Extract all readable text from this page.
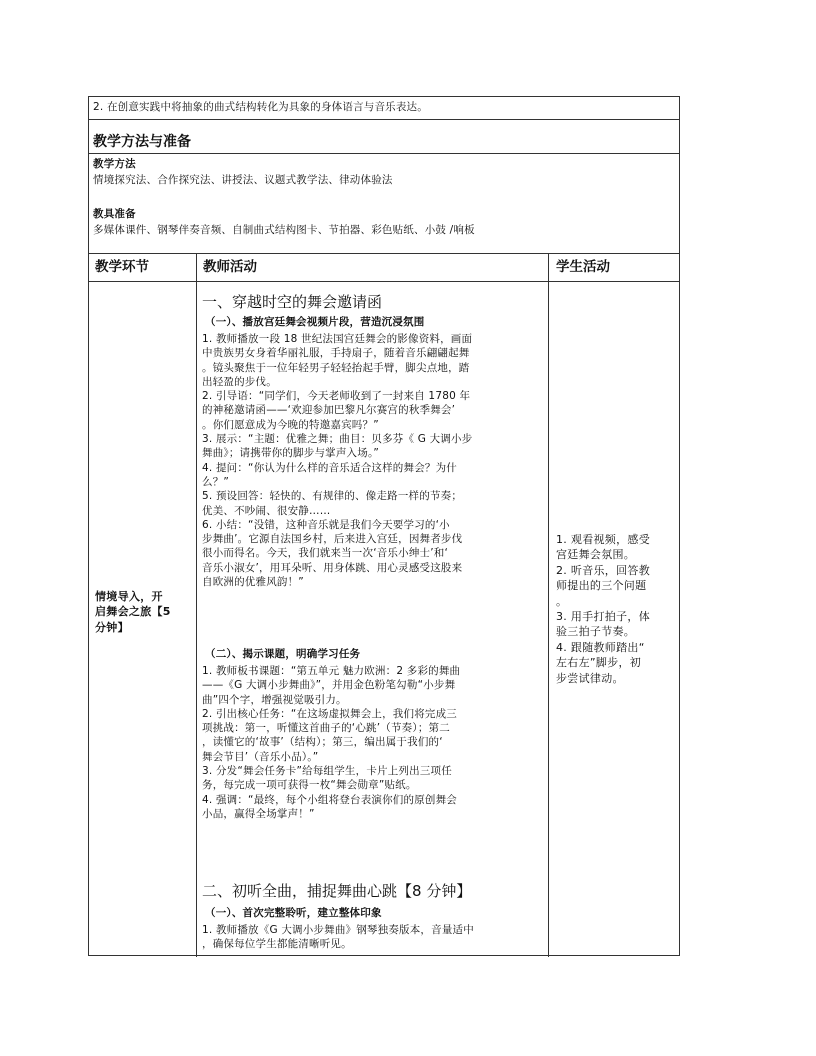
2. 在创意实践中将抽象的曲式结构转化为具象的身体语言与音乐表达。
教学方法与准备
教学方法
情境探究法、合作探究法、讲授法、议题式教学法、律动体验法
教具准备
多媒体课件、钢琴伴奏音频、自制曲式结构图卡、节拍器、彩色贴纸、小鼓 /响板
教学环节	教师活动	学生活动
情境导入，开
启舞会之旅【5
分钟】
一、穿越时空的舞会邀请函
（一）、播放宫廷舞会视频片段，营造沉浸氛围
1. 教师播放一段 18 世纪法国宫廷舞会的影像资料，画面
中贵族男女身着华丽礼服，手持扇子，随着音乐翩翩起舞
。镜头聚焦于一位年轻男子轻轻抬起手臂，脚尖点地，踏
出轻盈的步伐。
2. 引导语：“同学们，今天老师收到了一封来自 1780 年
的神秘邀请函——‘欢迎参加巴黎凡尔赛宫的秋季舞会’
。你们愿意成为今晚的特邀嘉宾吗？”
3. 展示：“主题：优雅之舞；曲目：贝多芬《 G 大调小步
舞曲》；请携带你的脚步与掌声入场。”
4. 提问：“你认为什么样的音乐适合这样的舞会？为什
么？”
5. 预设回答：轻快的、有规律的、像走路一样的节奏；
优美、不吵闹、很安静……
6. 小结：“没错，这种音乐就是我们今天要学习的‘小
步舞曲’。它源自法国乡村，后来进入宫廷，因舞者步伐
很小而得名。今天，我们就来当一次‘音乐小绅士’和‘
音乐小淑女’，用耳朵听、用身体跳、用心灵感受这股来
自欧洲的优雅风韵！”
（二）、揭示课题，明确学习任务
1. 教师板书课题：“第五单元 魅力欧洲：2 多彩的舞曲
——《G 大调小步舞曲》”，并用金色粉笔勾勒“小步舞
曲”四个字，增强视觉吸引力。
2. 引出核心任务：“在这场虚拟舞会上，我们将完成三
项挑战：第一，听懂这首曲子的‘心跳’（节奏）；第二
，读懂它的‘故事’（结构）；第三，编出属于我们的‘
舞会节目’（音乐小品）。”
3. 分发“舞会任务卡”给每组学生，卡片上列出三项任
务，每完成一项可获得一枚“舞会勋章”贴纸。
4. 强调：“最终，每个小组将登台表演你们的原创舞会
小品，赢得全场掌声！”
二、初听全曲，捕捉舞曲心跳【8 分钟】
（一）、首次完整聆听，建立整体印象
1. 教师播放《G 大调小步舞曲》钢琴独奏版本，音量适中
，确保每位学生都能清晰听见。
1. 观看视频，感受
宫廷舞会氛围。
2. 听音乐，回答教
师提出的三个问题
。
3. 用手打拍子，体
验三拍子节奏。
4. 跟随教师踏出“
左右左”脚步，初
步尝试律动。
